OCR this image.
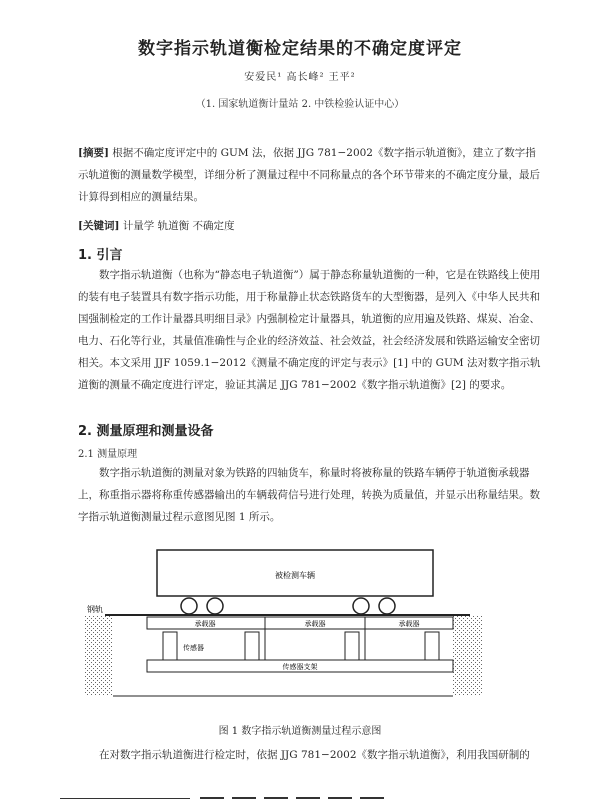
数字指示轨道衡检定结果的不确定度评定
安爱民¹ 高长峰² 王平²
（1. 国家轨道衡计量站 2. 中铁检验认证中心）
[摘要] 根据不确定度评定中的 GUM 法，依据 JJG 781−2002《数字指示轨道衡》，建立了数字指示轨道衡的测量数学模型，详细分析了测量过程中不同称量点的各个环节带来的不确定度分量，最后计算得到相应的测量结果。
[关键词] 计量学 轨道衡 不确定度
1. 引言
数字指示轨道衡（也称为“静态电子轨道衡”）属于静态称量轨道衡的一种，它是在铁路线上使用的装有电子装置具有数字指示功能，用于称量静止状态铁路货车的大型衡器，是列入《中华人民共和国强制检定的工作计量器具明细目录》内强制检定计量器具，轨道衡的应用遍及铁路、煤炭、冶金、电力、石化等行业，其量值准确性与企业的经济效益、社会效益，社会经济发展和铁路运输安全密切相关。本文采用 JJF 1059.1−2012《测量不确定度的评定与表示》[1] 中的 GUM 法对数字指示轨道衡的测量不确定度进行评定，验证其满足 JJG 781−2002《数字指示轨道衡》[2] 的要求。
2. 测量原理和测量设备
2.1 测量原理
数字指示轨道衡的测量对象为铁路的四轴货车，称量时将被称量的铁路车辆停于轨道衡承载器上，称重指示器将称重传感器输出的车辆载荷信号进行处理，转换为质量值，并显示出称量结果。数字指示轨道衡测量过程示意图见图 1 所示。
被检测车辆
钢轨
承载器	承载器	承载器
传感器
传感器支架
图 1 数字指示轨道衡测量过程示意图
在对数字指示轨道衡进行检定时，依据 JJG 781−2002《数字指示轨道衡》，利用我国研制的
